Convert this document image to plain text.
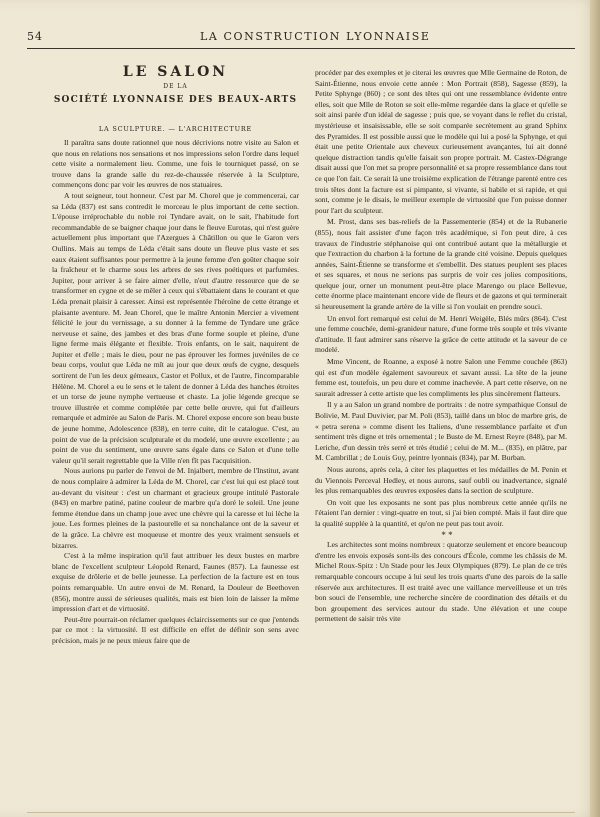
54	LA CONSTRUCTION LYONNAISE
LE SALON
DE LA
SOCIÉTÉ LYONNAISE DES BEAUX-ARTS
LA SCULPTURE. — L'ARCHITECTURE

Il paraîtra sans doute rationnel que nous décrivions notre visite au Salon et que nous en relations nos sensations et nos impressions selon l'ordre dans lequel cette visite a normalement lieu. Comme, une fois le tourniquet passé, on se trouve dans la grande salle du rez-de-chaussée réservée à la Sculpture, commençons donc par voir les œuvres de nos statuaires.

A tout seigneur, tout honneur. C'est par M. Chorel que je commencerai, car sa Léda (837) est sans contredit le morceau le plus important de cette section. L'épouse irréprochable du noble roi Tyndare avait, on le sait, l'habitude fort recommandable de se baigner chaque jour dans le fleuve Eurotas, qui n'est guère actuellement plus important que l'Azergues à Châtillon ou que le Garon vers Oullins. Mais au temps de Léda c'était sans doute un fleuve plus vaste et ses eaux étaient suffisantes pour permettre à la jeune femme d'en goûter chaque soir la fraîcheur et le charme sous les arbres de ses rives poétiques et parfumées. Jupiter, pour arriver à se faire aimer d'elle, n'eut d'autre ressource que de se transformer en cygne et de se mêler à ceux qui s'ébattaient dans le courant et que Léda prenait plaisir à caresser. Ainsi est représentée l'héroïne de cette étrange et plaisante aventure. M. Jean Chorel, que le maître Antonin Mercier a vivement félicité le jour du vernissage, a su donner à la femme de Tyndare une grâce nerveuse et saine, des jambes et des bras d'une forme souple et pleine, d'une ligne ferme mais élégante et flexible. Trois enfants, on le sait, naquirent de Jupiter et d'elle ; mais le dieu, pour ne pas éprouver les formes juvéniles de ce beau corps, voulut que Léda ne mît au jour que deux œufs de cygne, desquels sortirent de l'un les deux gémeaux, Castor et Pollux, et de l'autre, l'incomparable Hélène. M. Chorel a eu le sens et le talent de donner à Léda des hanches étroites et un torse de jeune nymphe vertueuse et chaste. La jolie légende grecque se trouve illustrée et comme complétée par cette belle œuvre, qui fut d'ailleurs remarquée et admirée au Salon de Paris. M. Chorel expose encore son beau buste de jeune homme, Adolescence (838), en terre cuite, dit le catalogue. C'est, au point de vue de la précision sculpturale et du modelé, une œuvre excellente ; au point de vue du sentiment, une œuvre sans égale dans ce Salon et d'une telle valeur qu'il serait regrettable que la Ville n'en fît pas l'acquisition.

Nous aurions pu parler de l'envoi de M. Injalbert, membre de l'Institut, avant de nous complaire à admirer la Léda de M. Chorel, car c'est lui qui est placé tout au-devant du visiteur : c'est un charmant et gracieux groupe intitulé Pastorale (843) en marbre patiné, patine couleur de marbre qu'a doré le soleil. Une jeune femme étendue dans un champ joue avec une chèvre qui la caresse et lui lèche la joue. Les formes pleines de la pastourelle et sa nonchalance ont de la saveur et de la grâce. La chèvre est moqueuse et montre des yeux vraiment sensuels et bizarres.

C'est à la même inspiration qu'il faut attribuer les deux bustes en marbre blanc de l'excellent sculpteur Léopold Renard, Faunes (857). La faunesse est exquise de drôlerie et de belle jeunesse. La perfection de la facture est en tous points remarquable. Un autre envoi de M. Renard, la Douleur de Beethoven (856), montre aussi de sérieuses qualités, mais est bien loin de laisser la même impression d'art et de virtuosité.

Peut-être pourrait-on réclamer quelques éclaircissements sur ce que j'entends par ce mot : la virtuosité. Il est difficile en effet de définir son sens avec précision, mais je ne peux mieux faire que de

procéder par des exemples et je citerai les œuvres que Mlle Germaine de Roton, de Saint-Étienne, nous envoie cette année : Mon Portrait (858), Sagesse (859), la Petite Sphynge (860) ; ce sont des têtes qui ont une ressemblance évidente entre elles, soit que Mlle de Roton se soit elle-même regardée dans la glace et qu'elle se soit ainsi parée d'un idéal de sagesse ; puis que, se voyant dans le reflet du cristal, mystérieuse et insaisissable, elle se soit comparée secrètement au grand Sphinx des Pyramides. Il est possible aussi que le modèle qui lui a posé la Sphynge, et qui était une petite Orientale aux cheveux curieusement avançantes, lui ait donné quelque distraction tandis qu'elle faisait son propre portrait. M. Castex-Dégrange disait aussi que l'on met sa propre personnalité et sa propre ressemblance dans tout ce que l'on fait. Ce serait là une troisième explication de l'étrange parenté entre ces trois têtes dont la facture est si pimpante, si vivante, si habile et si rapide, et qui sont, comme je le disais, le meilleur exemple de virtuosité que l'on puisse donner pour l'art du sculpteur.

M. Prost, dans ses bas-reliefs de la Passementerie (854) et de la Rubanerie (855), nous fait assister d'une façon très académique, si l'on peut dire, à ces travaux de l'industrie stéphanoise qui ont contribué autant que la métallurgie et que l'extraction du charbon à la fortune de la grande cité voisine. Depuis quelques années, Saint-Étienne se transforme et s'embellit. Des statues peuplent ses places et ses squares, et nous ne serions pas surpris de voir ces jolies compositions, quelque jour, orner un monument peut-être place Marengo ou place Bellevue, cette énorme place maintenant encore vide de fleurs et de gazons et qui terminerait si heureusement la grande artère de la ville si l'on voulait en prendre souci.

Un envol fort remarqué est celui de M. Henri Weigèle, Blés mûrs (864). C'est une femme couchée, demi-granideur nature, d'une forme très souple et très vivante d'attitude. Il faut admirer sans réserve la grâce de cette attitude et la saveur de ce modelé.

Mme Vincent, de Roanne, a exposé à notre Salon une Femme couchée (863) qui est d'un modèle également savoureux et savant aussi. La tête de la jeune femme est, toutefois, un peu dure et comme inachevée. A part cette réserve, on ne saurait adresser à cette artiste que les compliments les plus sincèrement flatteurs.

Il y a au Salon un grand nombre de portraits : de notre sympathique Consul de Bolivie, M. Paul Duvivier, par M. Poli (853), taillé dans un bloc de marbre gris, de « petra serena » comme disent les Italiens, d'une ressemblance parfaite et d'un sentiment très digne et très ornemental ; le Buste de M. Ernest Reyre (848), par M. Leriche, d'un dessin très serré et très étudié ; celui de M. M... (835), en plâtre, par M. Cambrillat ; de Louis Guy, peintre lyonnais (834), par M. Burban.

Nous aurons, après cela, à citer les plaquettes et les médailles de M. Penin et du Viennois Perceval Hedley, et nous aurons, sauf oubli ou inadvertance, signalé les plus remarquables des œuvres exposées dans la section de sculpture.

On voit que les exposants ne sont pas plus nombreux cette année qu'ils ne l'étaient l'an dernier : vingt-quatre en tout, si j'ai bien compté. Mais il faut dire que la qualité supplée à la quantité, et qu'on ne peut pas tout avoir.

* *

Les architectes sont moins nombreux : quatorze seulement et encore beaucoup d'entre les envois exposés sont-ils des concours d'École, comme les châssis de M. Michel Roux-Spitz : Un Stade pour les Jeux Olympiques (879). Le plan de ce très remarquable concours occupe à lui seul les trois quarts d'une des parois de la salle réservée aux architectures. Il est traité avec une vaillance merveilleuse et un très bon souci de l'ensemble, une recherche sincère de coordination des détails et du bon groupement des services autour du stade. Une élévation et une coupe permettent de saisir très vite
